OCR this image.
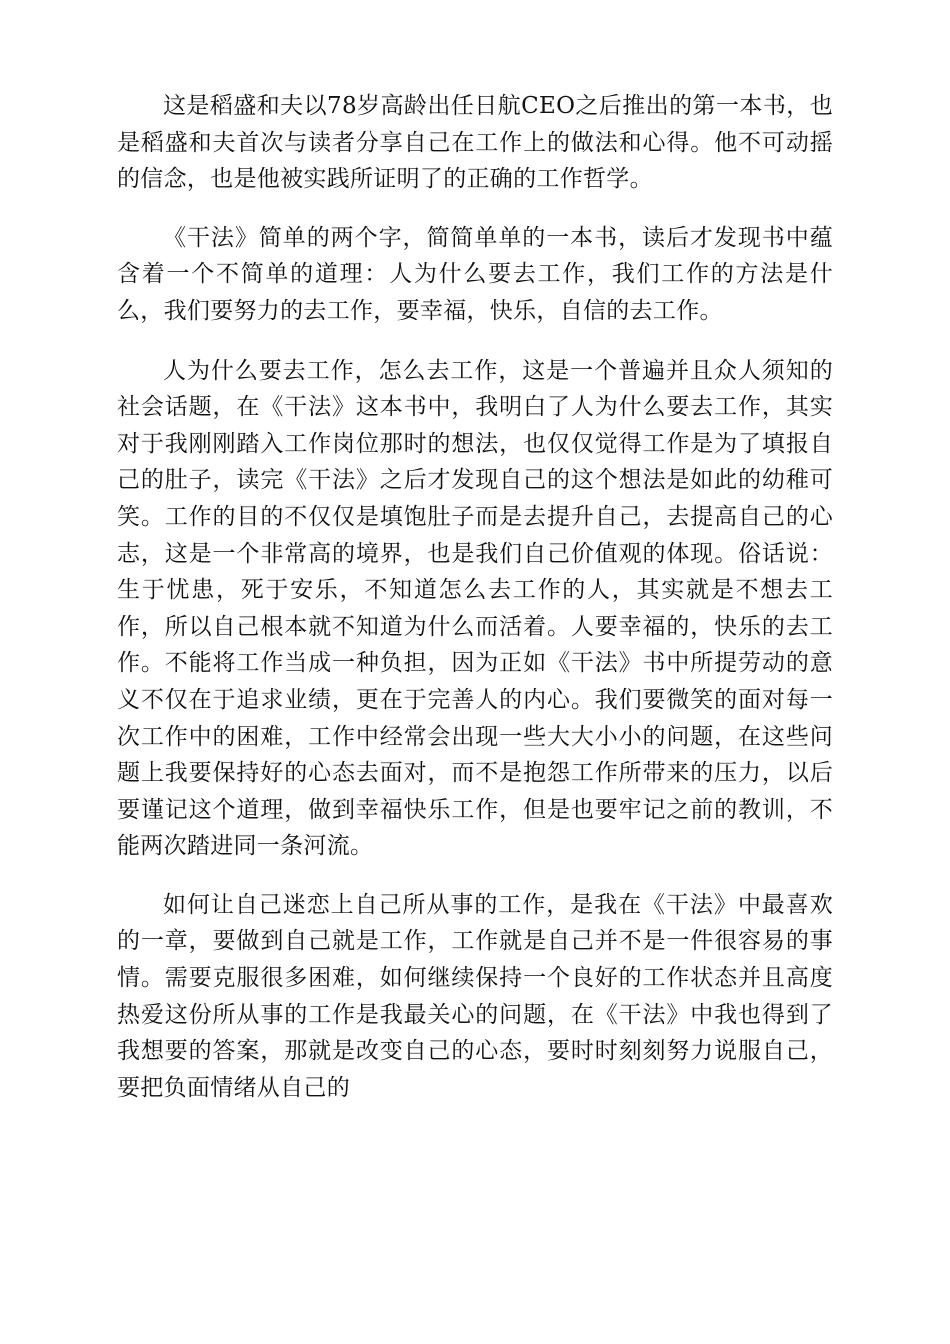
这是稻盛和夫以78岁高龄出任日航CEO之后推出的第一本书，也是稻盛和夫首次与读者分享自己在工作上的做法和心得。他不可动摇的信念，也是他被实践所证明了的正确的工作哲学。

《干法》简单的两个字，简简单单的一本书，读后才发现书中蕴含着一个不简单的道理：人为什么要去工作，我们工作的方法是什么，我们要努力的去工作，要幸福，快乐，自信的去工作。

人为什么要去工作，怎么去工作，这是一个普遍并且众人须知的社会话题，在《干法》这本书中，我明白了人为什么要去工作，其实对于我刚刚踏入工作岗位那时的想法，也仅仅觉得工作是为了填报自己的肚子，读完《干法》之后才发现自己的这个想法是如此的幼稚可笑。工作的目的不仅仅是填饱肚子而是去提升自己，去提高自己的心志，这是一个非常高的境界，也是我们自己价值观的体现。俗话说：生于忧患，死于安乐，不知道怎么去工作的人，其实就是不想去工作，所以自己根本就不知道为什么而活着。人要幸福的，快乐的去工作。不能将工作当成一种负担，因为正如《干法》书中所提劳动的意义不仅在于追求业绩，更在于完善人的内心。我们要微笑的面对每一次工作中的困难，工作中经常会出现一些大大小小的问题，在这些问题上我要保持好的心态去面对，而不是抱怨工作所带来的压力，以后要谨记这个道理，做到幸福快乐工作，但是也要牢记之前的教训，不能两次踏进同一条河流。

如何让自己迷恋上自己所从事的工作，是我在《干法》中最喜欢的一章，要做到自己就是工作，工作就是自己并不是一件很容易的事情。需要克服很多困难，如何继续保持一个良好的工作状态并且高度热爱这份所从事的工作是我最关心的问题，在《干法》中我也得到了我想要的答案，那就是改变自己的心态，要时时刻刻努力说服自己，要把负面情绪从自己的
